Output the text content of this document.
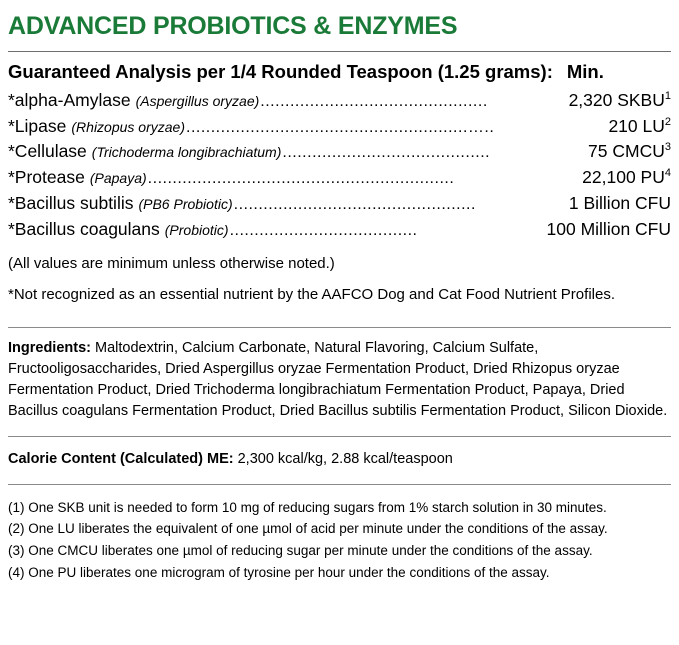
ADVANCED PROBIOTICS & ENZYMES
Guaranteed Analysis per 1/4 Rounded Teaspoon (1.25 grams): Min.
*alpha-Amylase (Aspergillus oryzae) ..............................................	2,320 SKBU$^1$
*Lipase (Rhizopus oryzae) .........................................................…..	210 $LU^2$
*Cellulase (Trichoderma longibrachiatum) ..........................................	75 CMCU$^3$
*Protease (Papaya) ..............................................................	22,100 $PU^4$
*Bacillus subtilis (PB6 Probiotic) .................................................	1 Billion CFU
*Bacillus coagulans (Probiotic) ......................................	100 Million CFU
(All values are minimum unless otherwise noted.)
*Not recognized as an essential nutrient by the AAFCO Dog and Cat Food Nutrient Profiles.
Ingredients: Maltodextrin, Calcium Carbonate, Natural Flavoring, Calcium Sulfate, Fructooligosaccharides, Dried Aspergillus oryzae Fermentation Product, Dried Rhizopus oryzae Fermentation Product, Dried Trichoderma longibrachiatum Fermentation Product, Papaya, Dried Bacillus coagulans Fermentation Product, Dried Bacillus subtilis Fermentation Product, Silicon Dioxide.
Calorie Content (Calculated) ME: 2,300 kcal/kg, 2.88 kcal/teaspoon
(1) One SKB unit is needed to form 10 mg of reducing sugars from 1% starch solution in 30 minutes.
(2) One LU liberates the equivalent of one µmol of acid per minute under the conditions of the assay.
(3) One CMCU liberates one µmol of reducing sugar per minute under the conditions of the assay.
(4) One PU liberates one microgram of tyrosine per hour under the conditions of the assay.
